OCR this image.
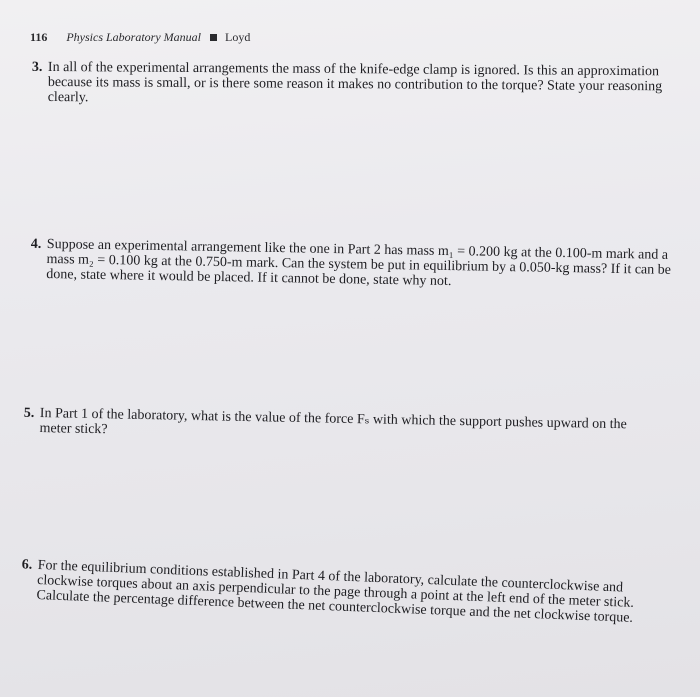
116 Physics Laboratory Manual Loyd
3. In all of the experimental arrangements the mass of the knife-edge clamp is ignored. Is this an approximation because its mass is small, or is there some reason it makes no contribution to the torque? State your reasoning clearly.

4. Suppose an experimental arrangement like the one in Part 2 has mass m₁ = 0.200 kg at the 0.100-m mark and a mass m₂ = 0.100 kg at the 0.750-m mark. Can the system be put in equilibrium by a 0.050-kg mass? If it can be done, state where it would be placed. If it cannot be done, state why not.

5. In Part 1 of the laboratory, what is the value of the force Fₛ with which the support pushes upward on the meter stick?

6. For the equilibrium conditions established in Part 4 of the laboratory, calculate the counterclockwise and clockwise torques about an axis perpendicular to the page through a point at the left end of the meter stick. Calculate the percentage difference between the net counterclockwise torque and the net clockwise torque.
